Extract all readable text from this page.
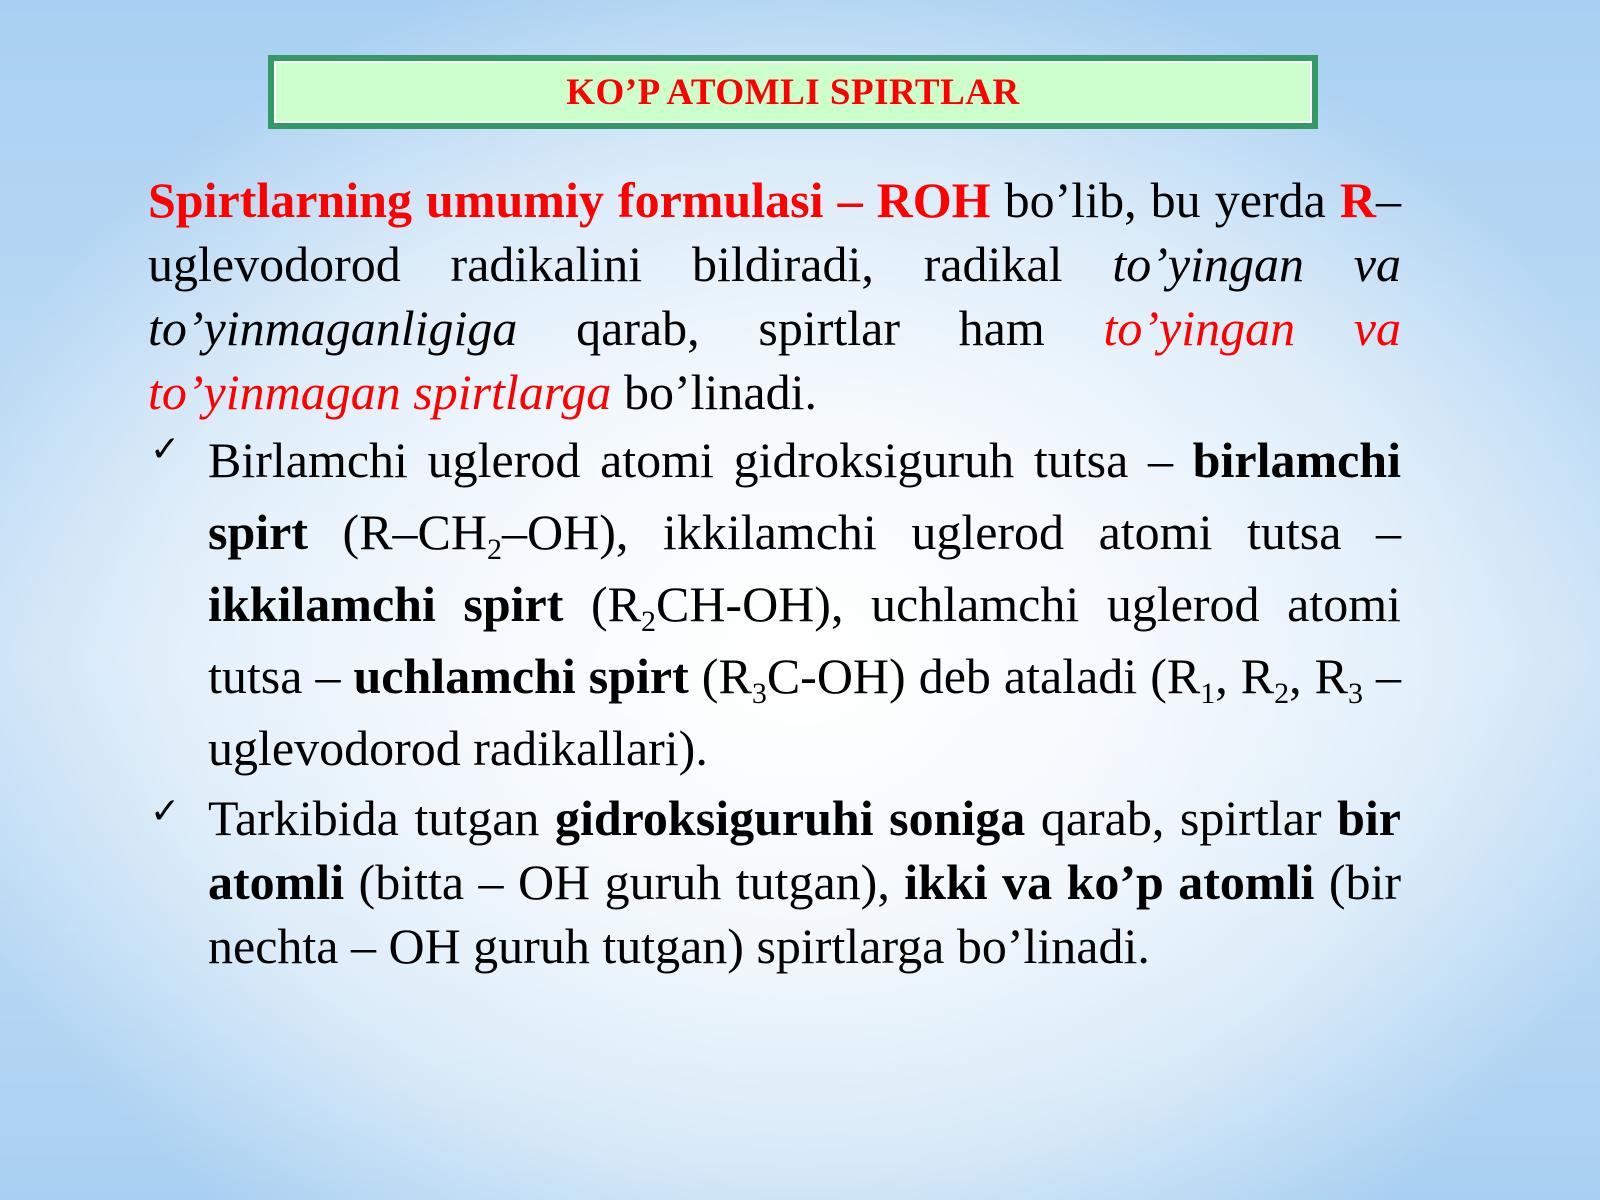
KO’P ATOMLI SPIRTLAR

Spirtlarning umumiy formulasi – ROH bo’lib, bu yerda R– uglevodorod radikalini bildiradi, radikal to’yingan va to’yinmaganligiga qarab, spirtlar ham to’yingan va to’yinmagan spirtlarga bo’linadi.

✓ Birlamchi uglerod atomi gidroksiguruh tutsa – birlamchi spirt $(R-CH_2-OH)$, ikkilamchi uglerod atomi tutsa – ikkilamchi spirt $(R_2CH-OH)$, uchlamchi uglerod atomi tutsa – uchlamchi spirt $(R_3C-OH)$ deb ataladi ($R_1$, $R_2$, $R_3$ –uglevodorod radikallari).
✓ Tarkibida tutgan gidroksiguruhi soniga qarab, spirtlar bir atomli (bitta – OH guruh tutgan), ikki va ko’p atomli (bir nechta – OH guruh tutgan) spirtlarga bo’linadi.
